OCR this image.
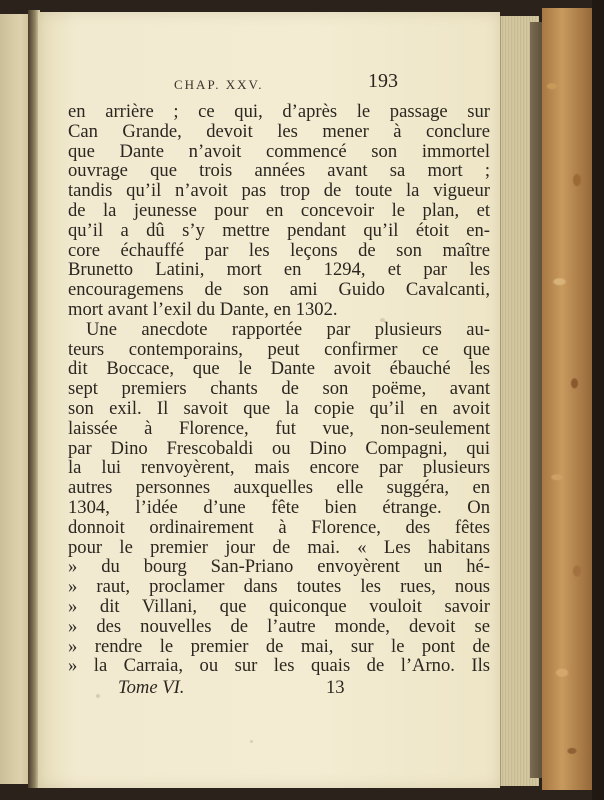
CHAP. XXV.	193
en arrière ; ce qui, d’après le passage sur
Can Grande, devoit les mener à conclure
que Dante n’avoit commencé son immortel
ouvrage que trois années avant sa mort ;
tandis qu’il n’avoit pas trop de toute la vigueur
de la jeunesse pour en concevoir le plan, et
qu’il a dû s’y mettre pendant qu’il étoit en-
core échauffé par les leçons de son maître
Brunetto Latini, mort en 1294, et par les
encouragemens de son ami Guido Cavalcanti,
mort avant l’exil du Dante, en 1302.
Une anecdote rapportée par plusieurs au-
teurs contemporains, peut confirmer ce que
dit Boccace, que le Dante avoit ébauché les
sept premiers chants de son poëme, avant
son exil. Il savoit que la copie qu’il en avoit
laissée à Florence, fut vue, non-seulement
par Dino Frescobaldi ou Dino Compagni, qui
la lui renvoyèrent, mais encore par plusieurs
autres personnes auxquelles elle suggéra, en
1304, l’idée d’une fête bien étrange. On
donnoit ordinairement à Florence, des fêtes
pour le premier jour de mai. « Les habitans
» du bourg San-Priano envoyèrent un hé-
» raut, proclamer dans toutes les rues, nous
» dit Villani, que quiconque vouloit savoir
» des nouvelles de l’autre monde, devoit se
» rendre le premier de mai, sur le pont de
» la Carraia, ou sur les quais de l’Arno. Ils
Tome VI.	13
